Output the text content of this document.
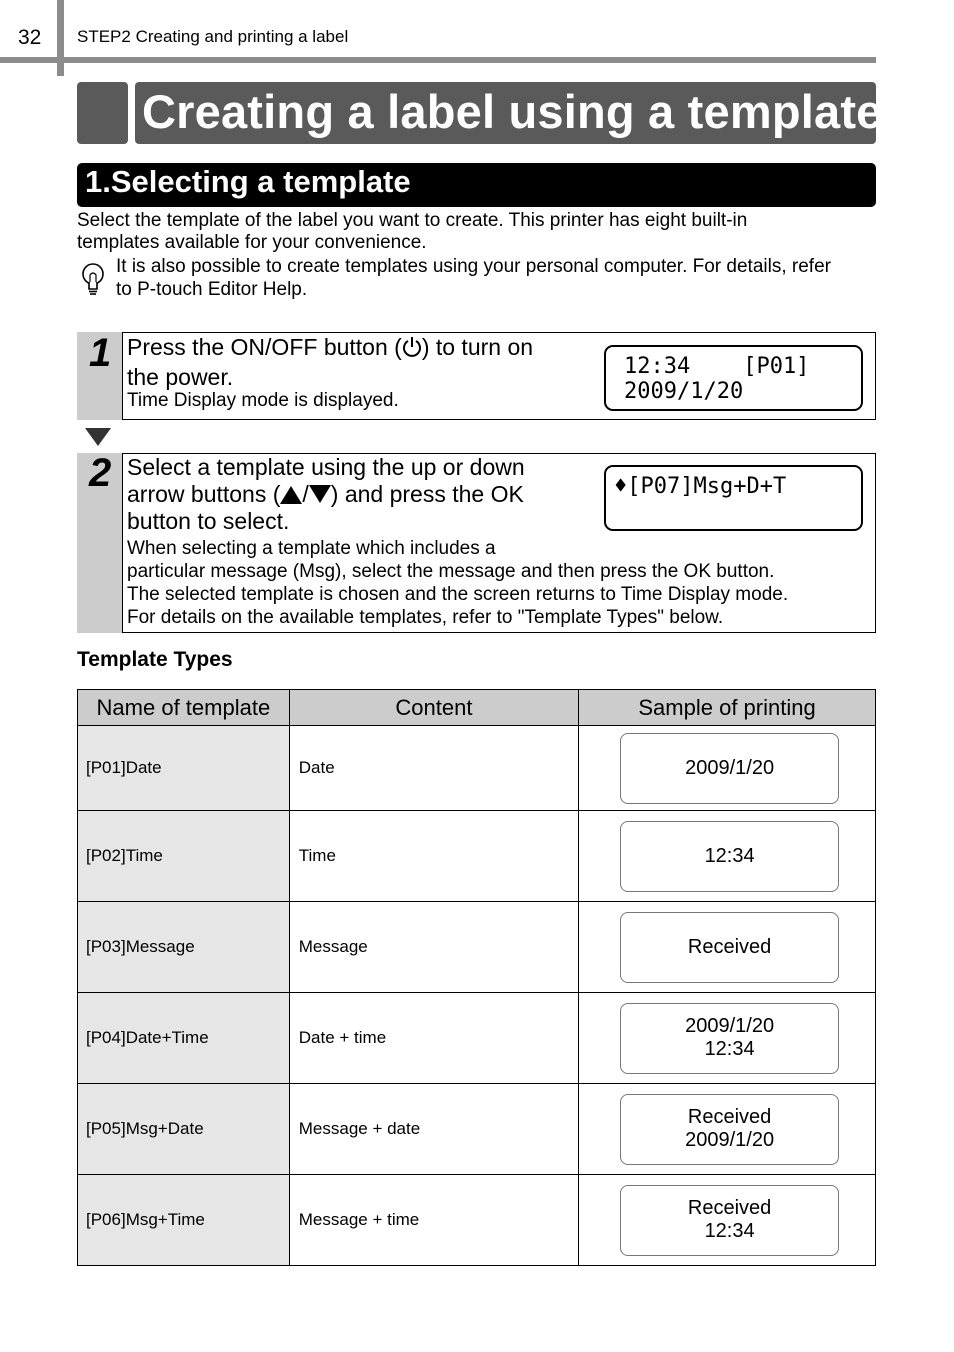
32 STEP2 Creating and printing a label
Creating a label using a template
1.Selecting a template
Select the template of the label you want to create. This printer has eight built-in
templates available for your convenience.
It is also possible to create templates using your personal computer. For details, refer
to P-touch Editor Help.
1 Press the ON/OFF button ( ) to turn on
the power.
Time Display mode is displayed.
12:34    [P01]
2009/1/20
2 Select a template using the up or down
arrow buttons ( / ) and press the OK
button to select.
When selecting a template which includes a
particular message (Msg), select the message and then press the OK button.
The selected template is chosen and the screen returns to Time Display mode.
For details on the available templates, refer to "Template Types" below.
♦[P07]Msg+D+T
Template Types
Name of template	Content	Sample of printing
[P01]Date	Date	2009/1/20

[P02]Time	Time	12:34

[P03]Message	Message	Received

[P04]Date+Time	Date + time	2009/1/20
12:34

[P05]Msg+Date	Message + date	Received
2009/1/20

[P06]Msg+Time	Message + time	Received
12:34
